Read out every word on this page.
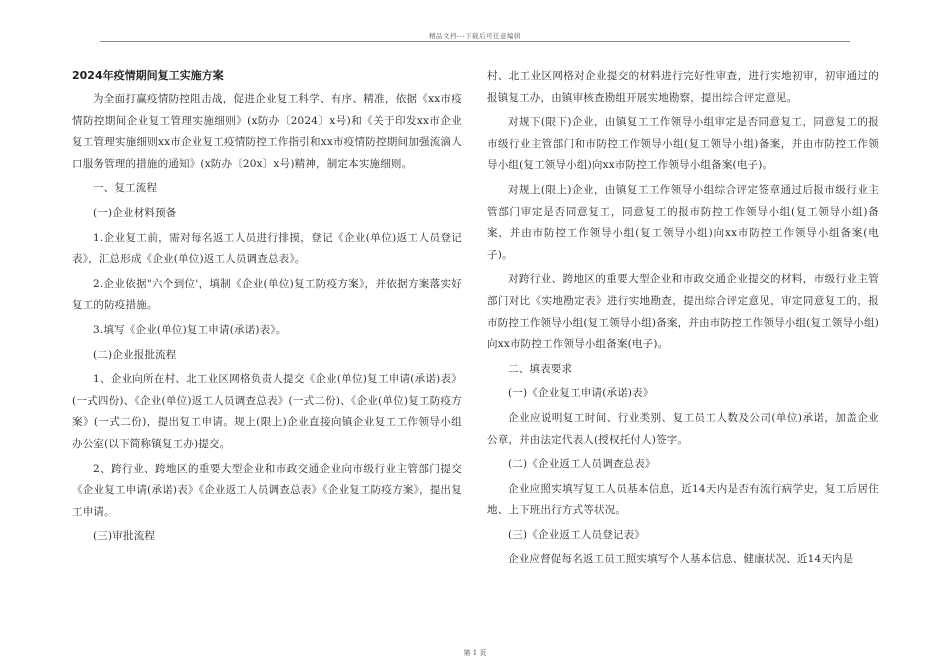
精品文档---下载后可任意编辑
2024年疫情期间复工实施方案

为全面打赢疫情防控阻击战，促进企业复工科学、有序、精准，依据《xx市疫情防控期间企业复工管理实施细则》(x防办〔2024〕x号)和《关于印发xx市企业复工管理实施细则xx市企业复工疫情防控工作指引和xx市疫情防控期间加强流滴人口服务管理的措施的通知》(x防办〔20x〕x号)精神，制定本实施细则。

一、复工流程

(一)企业材料预备

1.企业复工前，需对每名返工人员进行排摸，登记《企业(单位)返工人员登记表》，汇总形成《企业(单位)返工人员调查总表》。

2.企业依据"六个到位'，填制《企业(单位)复工防疫方案》，并依据方案落实好复工的防疫措施。

3.填写《企业(单位)复工申请(承诺)表》。

(二)企业报批流程

1、企业向所在村、北工业区网格负责人提交《企业(单位)复工申请(承诺)表》(一式四份)、《企业(单位)返工人员调查总表》(一式二份)、《企业(单位)复工防疫方案》(一式二份)，提出复工申请。规上(限上)企业直接向镇企业复工工作领导小组办公室(以下简称镇复工办)提交。

2、跨行业、跨地区的重要大型企业和市政交通企业向市级行业主管部门提交《企业复工申请(承诺)表》《企业返工人员调查总表》《企业复工防疫方案》，提出复工申请。

(三)审批流程

村、北工业区网格对企业提交的材料进行完好性审查，进行实地初审，初审通过的报镇复工办，由镇审核查勘组开展实地勘察，提出综合评定意见。

对规下(限下)企业，由镇复工工作领导小组审定是否同意复工，同意复工的报市级行业主管部门和市防控工作领导小组(复工领导小组)备案，并由市防控工作领导小组(复工领导小组)向xx市防控工作领导小组备案(电子)。

对规上(限上)企业，由镇复工工作领导小组综合评定签章通过后报市级行业主管部门审定是否同意复工，同意复工的报市防控工作领导小组(复工领导小组)备案，并由市防控工作领导小组(复工领导小组)向xx市防控工作领导小组备案(电子)。

对跨行业、跨地区的重要大型企业和市政交通企业提交的材料，市级行业主管部门对比《实地勘定表》进行实地勘查，提出综合评定意见，审定同意复工的，报市防控工作领导小组(复工领导小组)备案，并由市防控工作领导小组(复工领导小组)向xx市防控工作领导小组备案(电子)。

二、填表要求

(一)《企业复工申请(承诺)表》

企业应说明复工时间、行业类别、复工员工人数及公司(单位)承诺，加盖企业公章，并由法定代表人(授权托付人)签字。

(二)《企业返工人员调查总表》

企业应照实填写复工人员基本信息，近14天内是否有流行病学史，复工后居住地、上下班出行方式等状况。

(三)《企业返工人员登记表》

企业应督促每名返工员工照实填写个人基本信息、健康状况、近14天内是

第 1 页
